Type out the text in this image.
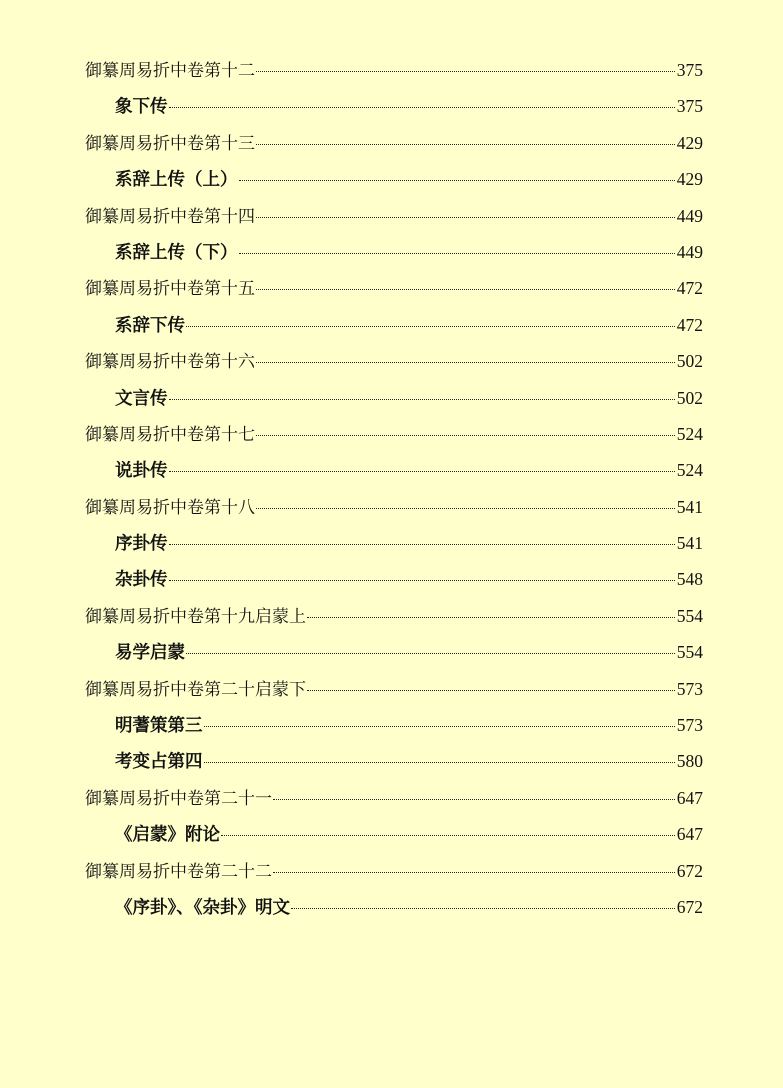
御纂周易折中卷第十二	375
象下传	375
御纂周易折中卷第十三	429
系辞上传（上）	429
御纂周易折中卷第十四	449
系辞上传（下）	449
御纂周易折中卷第十五	472
系辞下传	472
御纂周易折中卷第十六	502
文言传	502
御纂周易折中卷第十七	524
说卦传	524
御纂周易折中卷第十八	541
序卦传	541
杂卦传	548
御纂周易折中卷第十九 启蒙上	554
易学启蒙	554
御纂周易折中卷第二十 启蒙下	573
明蓍策第三	573
考变占第四	580
御纂周易折中卷第二十一	647
《启蒙》附论	647
御纂周易折中卷第二十二	672
《序卦》、《杂卦》明文	672
